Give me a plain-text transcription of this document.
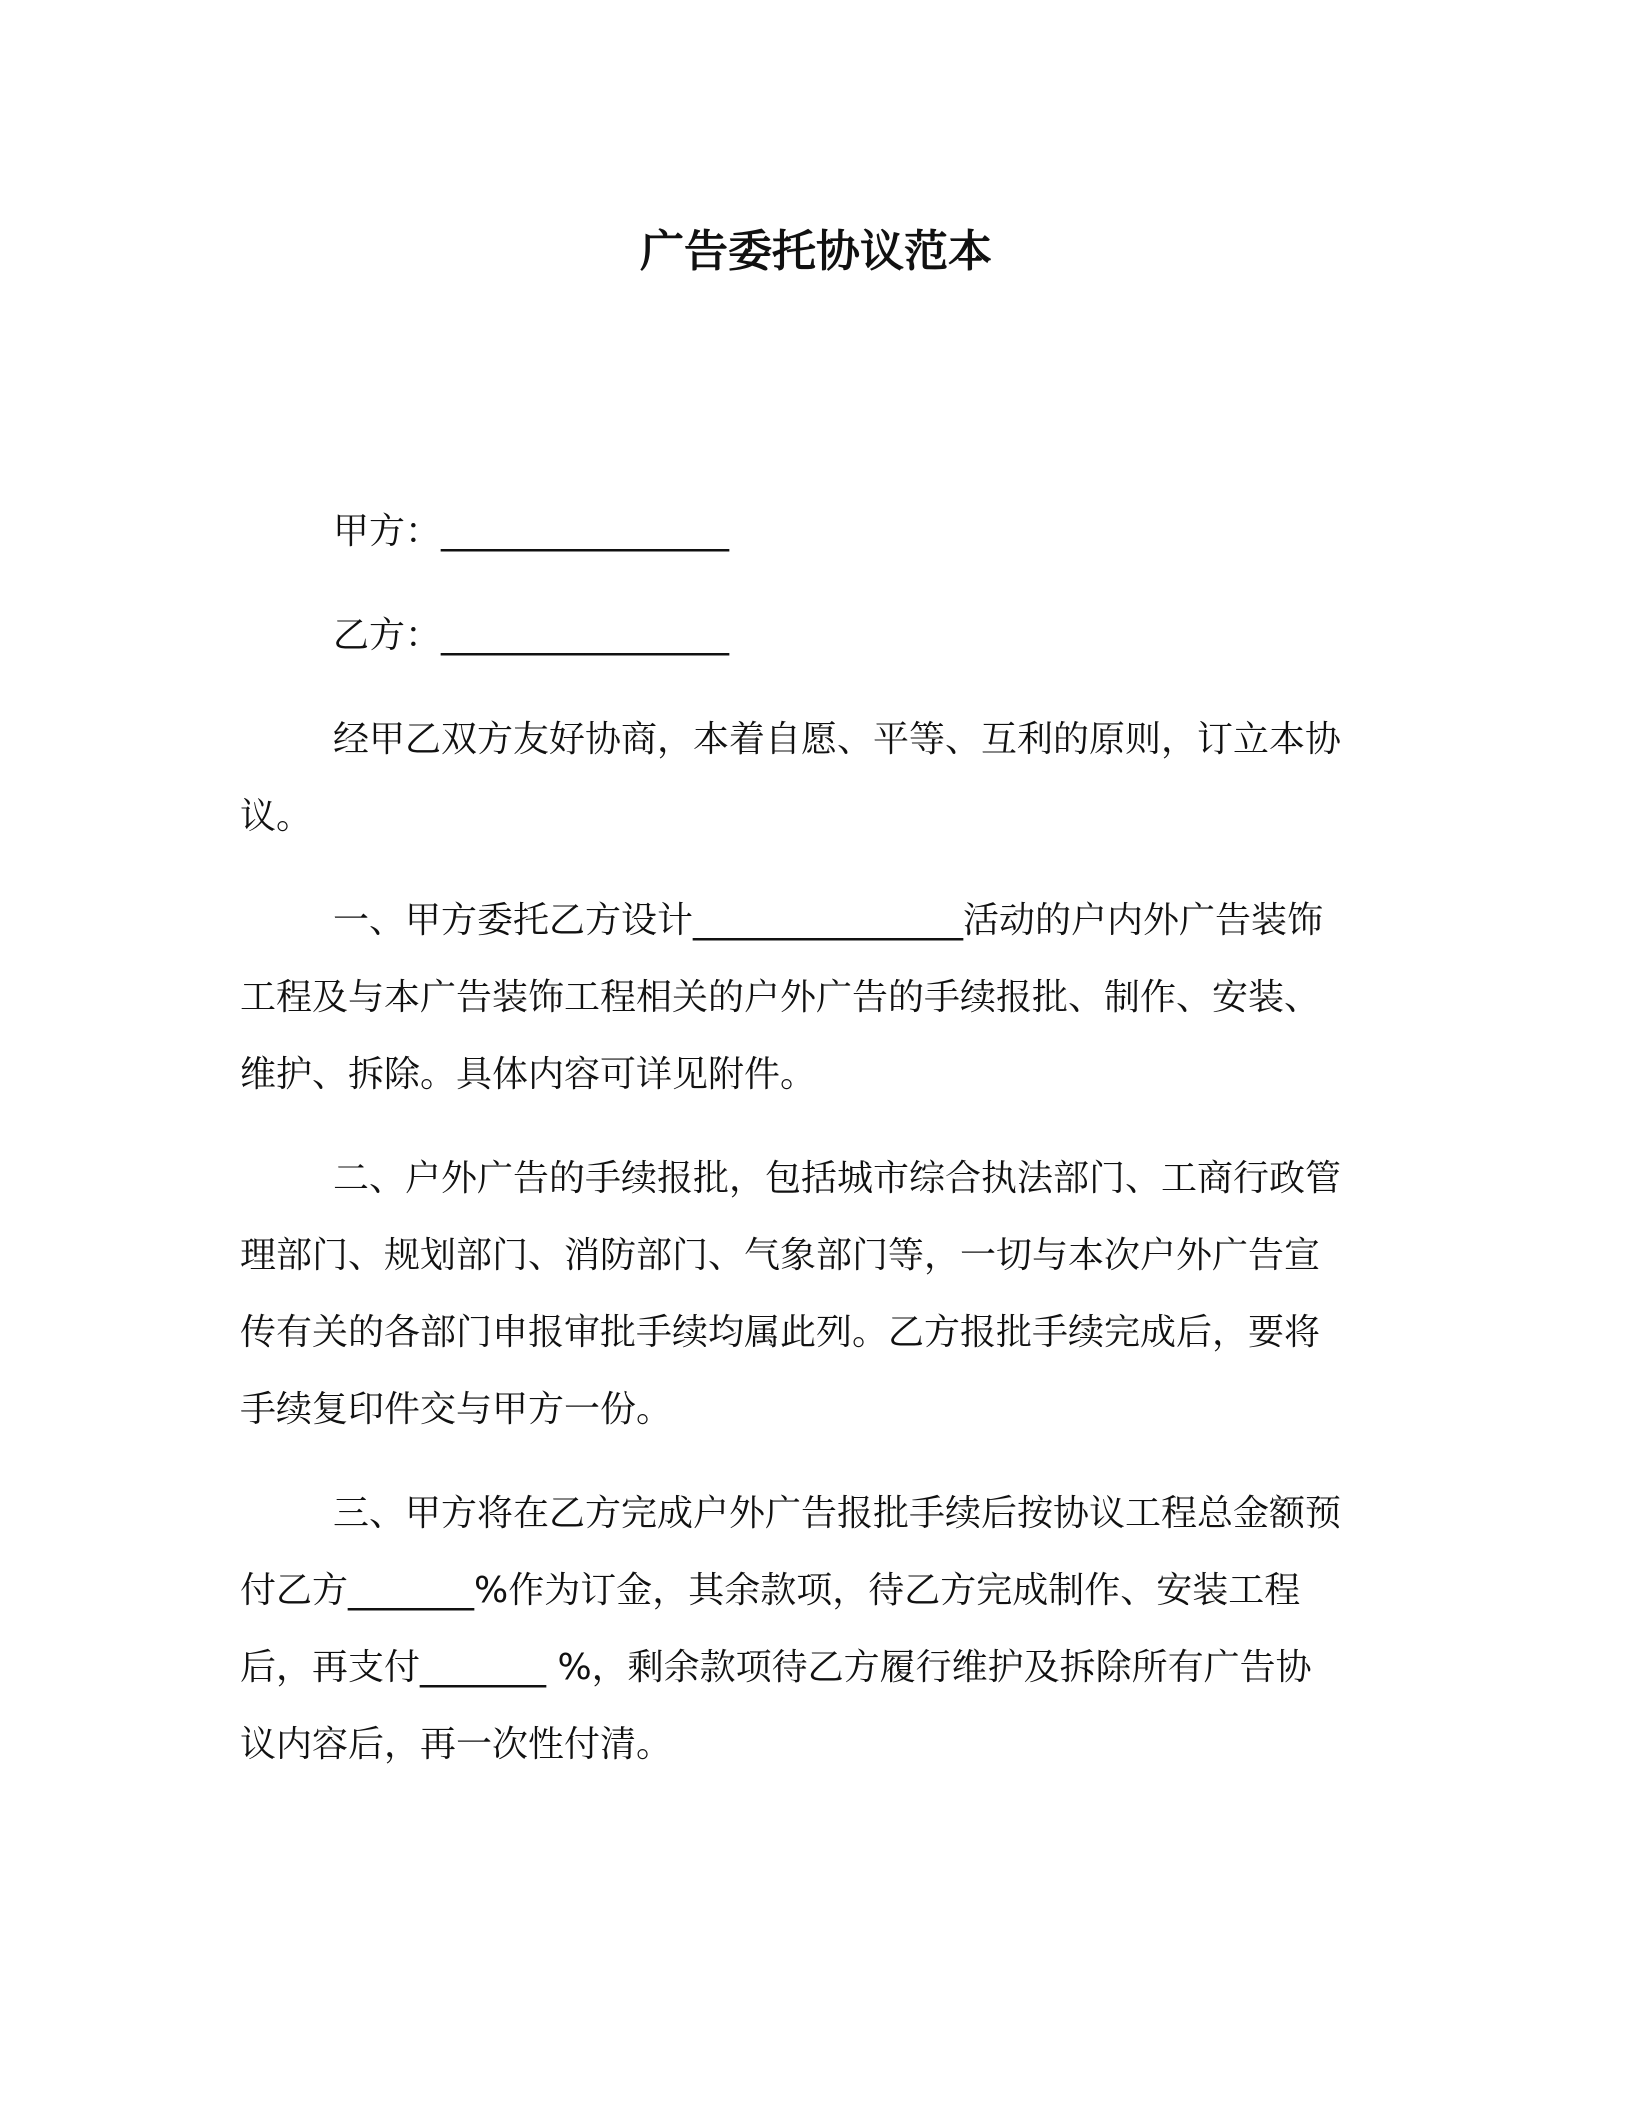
广告委托协议范本
甲方：________________
乙方：________________
经甲乙双方友好协商，本着自愿、平等、互利的原则，订立本协
议。
一、甲方委托乙方设计_______________活动的户内外广告装饰
工程及与本广告装饰工程相关的户外广告的手续报批、制作、安装、
维护、拆除。具体内容可详见附件。
二、户外广告的手续报批，包括城市综合执法部门、工商行政管
理部门、规划部门、消防部门、气象部门等，一切与本次户外广告宣
传有关的各部门申报审批手续均属此列。乙方报批手续完成后，要将
手续复印件交与甲方一份。
三、甲方将在乙方完成户外广告报批手续后按协议工程总金额预
付乙方_______%作为订金，其余款项，待乙方完成制作、安装工程
后，再支付_______ %，剩余款项待乙方履行维护及拆除所有广告协
议内容后，再一次性付清。
